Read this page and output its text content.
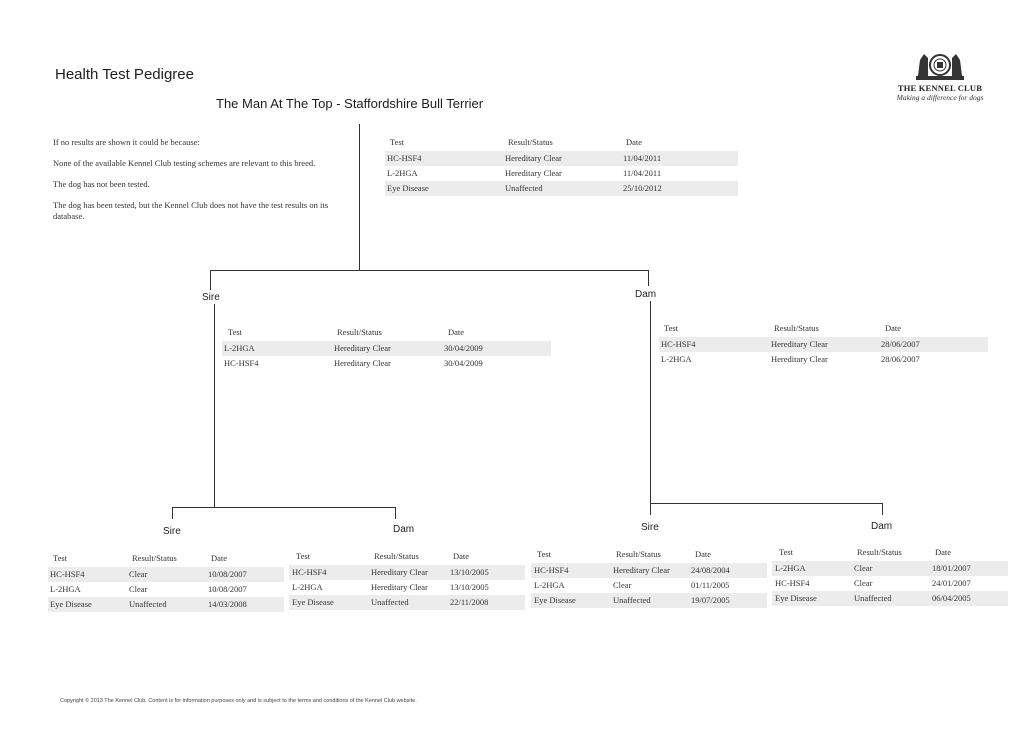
Health Test Pedigree
The Man At The Top - Staffordshire Bull Terrier
THE KENNEL CLUB
Making a difference for dogs

If no results are shown it could be because:

None of the available Kennel Club testing schemes are relevant to this breed.

The dog has not been tested.

The dog has been tested, but the Kennel Club does not have the test results on its database.

Sire	Dam
Sire	Dam	Sire	Dam
Test	Result/Status	Date
HC-HSF4	Hereditary Clear	11/04/2011
L-2HGA	Hereditary Clear	11/04/2011
Eye Disease	Unaffected	25/10/2012
Test	Result/Status	Date
L-2HGA	Hereditary Clear	30/04/2009
HC-HSF4	Hereditary Clear	30/04/2009
Test	Result/Status	Date
HC-HSF4	Hereditary Clear	28/06/2007
L-2HGA	Hereditary Clear	28/06/2007
Test	Result/Status	Date
HC-HSF4	Clear	10/08/2007
L-2HGA	Clear	10/08/2007
Eye Disease	Unaffected	14/03/2008
Test	Result/Status	Date
HC-HSF4	Hereditary Clear	13/10/2005
L-2HGA	Hereditary Clear	13/10/2005
Eye Disease	Unaffected	22/11/2008
Test	Result/Status	Date
HC-HSF4	Hereditary Clear 24/08/2004
L-2HGA	Clear	01/11/2005
Eye Disease	Unaffected	19/07/2005
Test	Result/Status	Date
L-2HGA	Clear	18/01/2007
HC-HSF4	Clear	24/01/2007
Eye Disease	Unaffected	06/04/2005
Copyright © 2013 The Kennel Club. Content is for information purposes only and is subject to the terms and conditions of the Kennel Club website.
